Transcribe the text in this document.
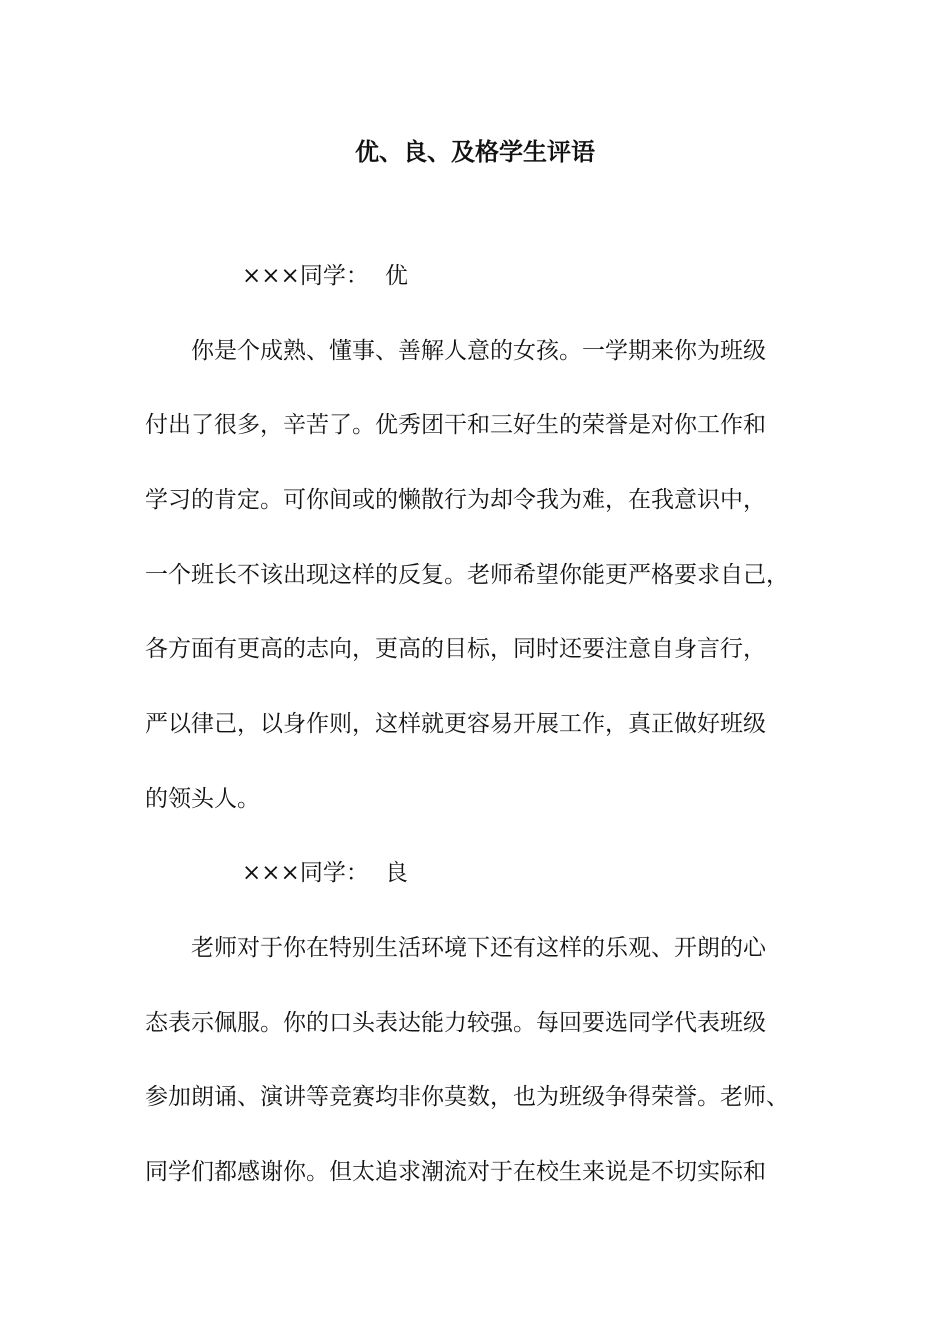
优、良、及格学生评语
×××同学： 优
　　你是个成熟、懂事、善解人意的女孩。一学期来你为班级
付出了很多，辛苦了。优秀团干和三好生的荣誉是对你工作和
学习的肯定。可你间或的懒散行为却令我为难，在我意识中，
一个班长不该出现这样的反复。老师希望你能更严格要求自己，
各方面有更高的志向，更高的目标，同时还要注意自身言行，
严以律己，以身作则，这样就更容易开展工作，真正做好班级
的领头人。
×××同学： 良
　　老师对于你在特别生活环境下还有这样的乐观、开朗的心
态表示佩服。你的口头表达能力较强。每回要选同学代表班级
参加朗诵、演讲等竞赛均非你莫数，也为班级争得荣誉。老师、
同学们都感谢你。但太追求潮流对于在校生来说是不切实际和
